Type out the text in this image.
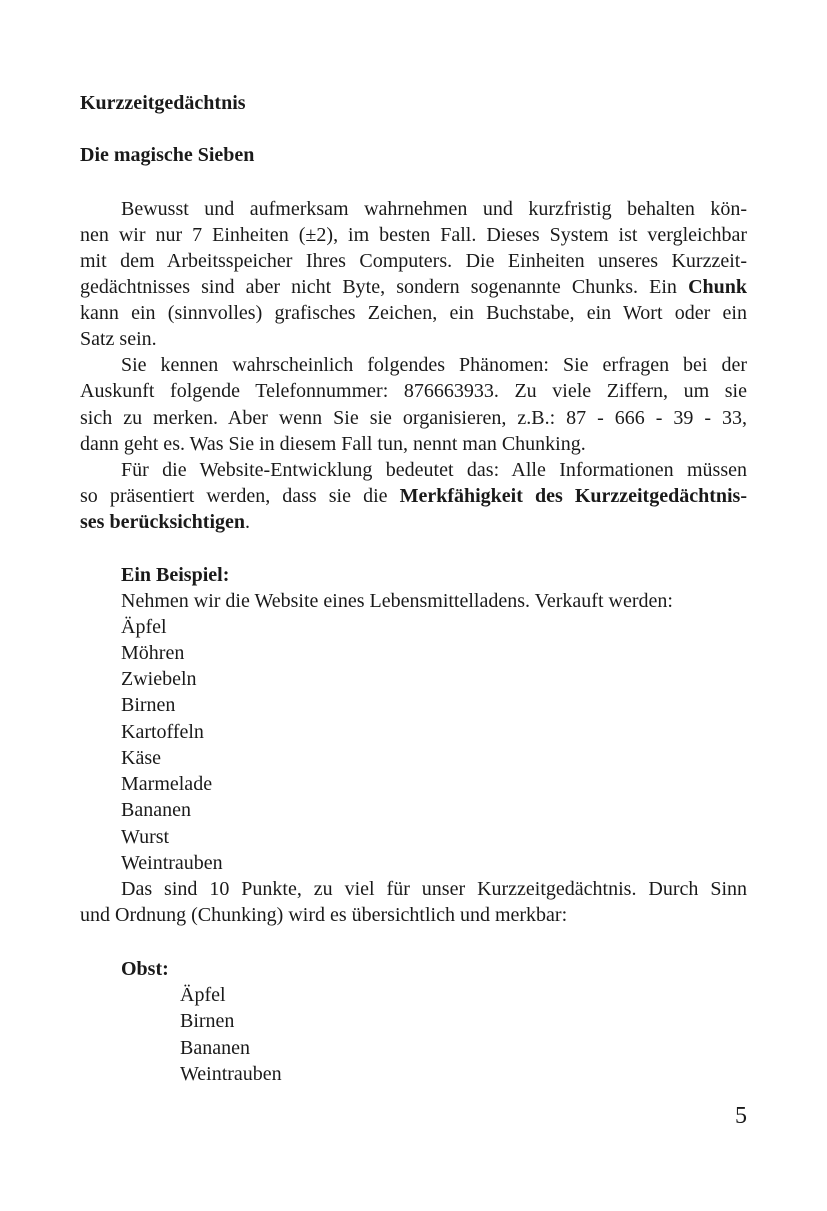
Kurzzeitgedächtnis
Die magische Sieben
Bewusst und aufmerksam wahrnehmen und kurzfristig behalten kön-
nen wir nur 7 Einheiten (±2), im besten Fall. Dieses System ist vergleichbar
mit dem Arbeitsspeicher Ihres Computers. Die Einheiten unseres Kurzzeit-
gedächtnisses sind aber nicht Byte, sondern sogenannte Chunks. Ein Chunk
kann ein (sinnvolles) grafisches Zeichen, ein Buchstabe, ein Wort oder ein
Satz sein.
Sie kennen wahrscheinlich folgendes Phänomen: Sie erfragen bei der
Auskunft folgende Telefonnummer: 876663933. Zu viele Ziffern, um sie
sich zu merken. Aber wenn Sie sie organisieren, z.B.: 87 - 666 - 39 - 33,
dann geht es. Was Sie in diesem Fall tun, nennt man Chunking.
Für die Website-Entwicklung bedeutet das: Alle Informationen müssen
so präsentiert werden, dass sie die Merkfähigkeit des Kurzzeitgedächtnis-
ses berücksichtigen.
Ein Beispiel:
Nehmen wir die Website eines Lebensmittelladens. Verkauft werden:
Äpfel
Möhren
Zwiebeln
Birnen
Kartoffeln
Käse
Marmelade
Bananen
Wurst
Weintrauben
Das sind 10 Punkte, zu viel für unser Kurzzeitgedächtnis. Durch Sinn
und Ordnung (Chunking) wird es übersichtlich und merkbar:
Obst:
Äpfel
Birnen
Bananen
Weintrauben
5
